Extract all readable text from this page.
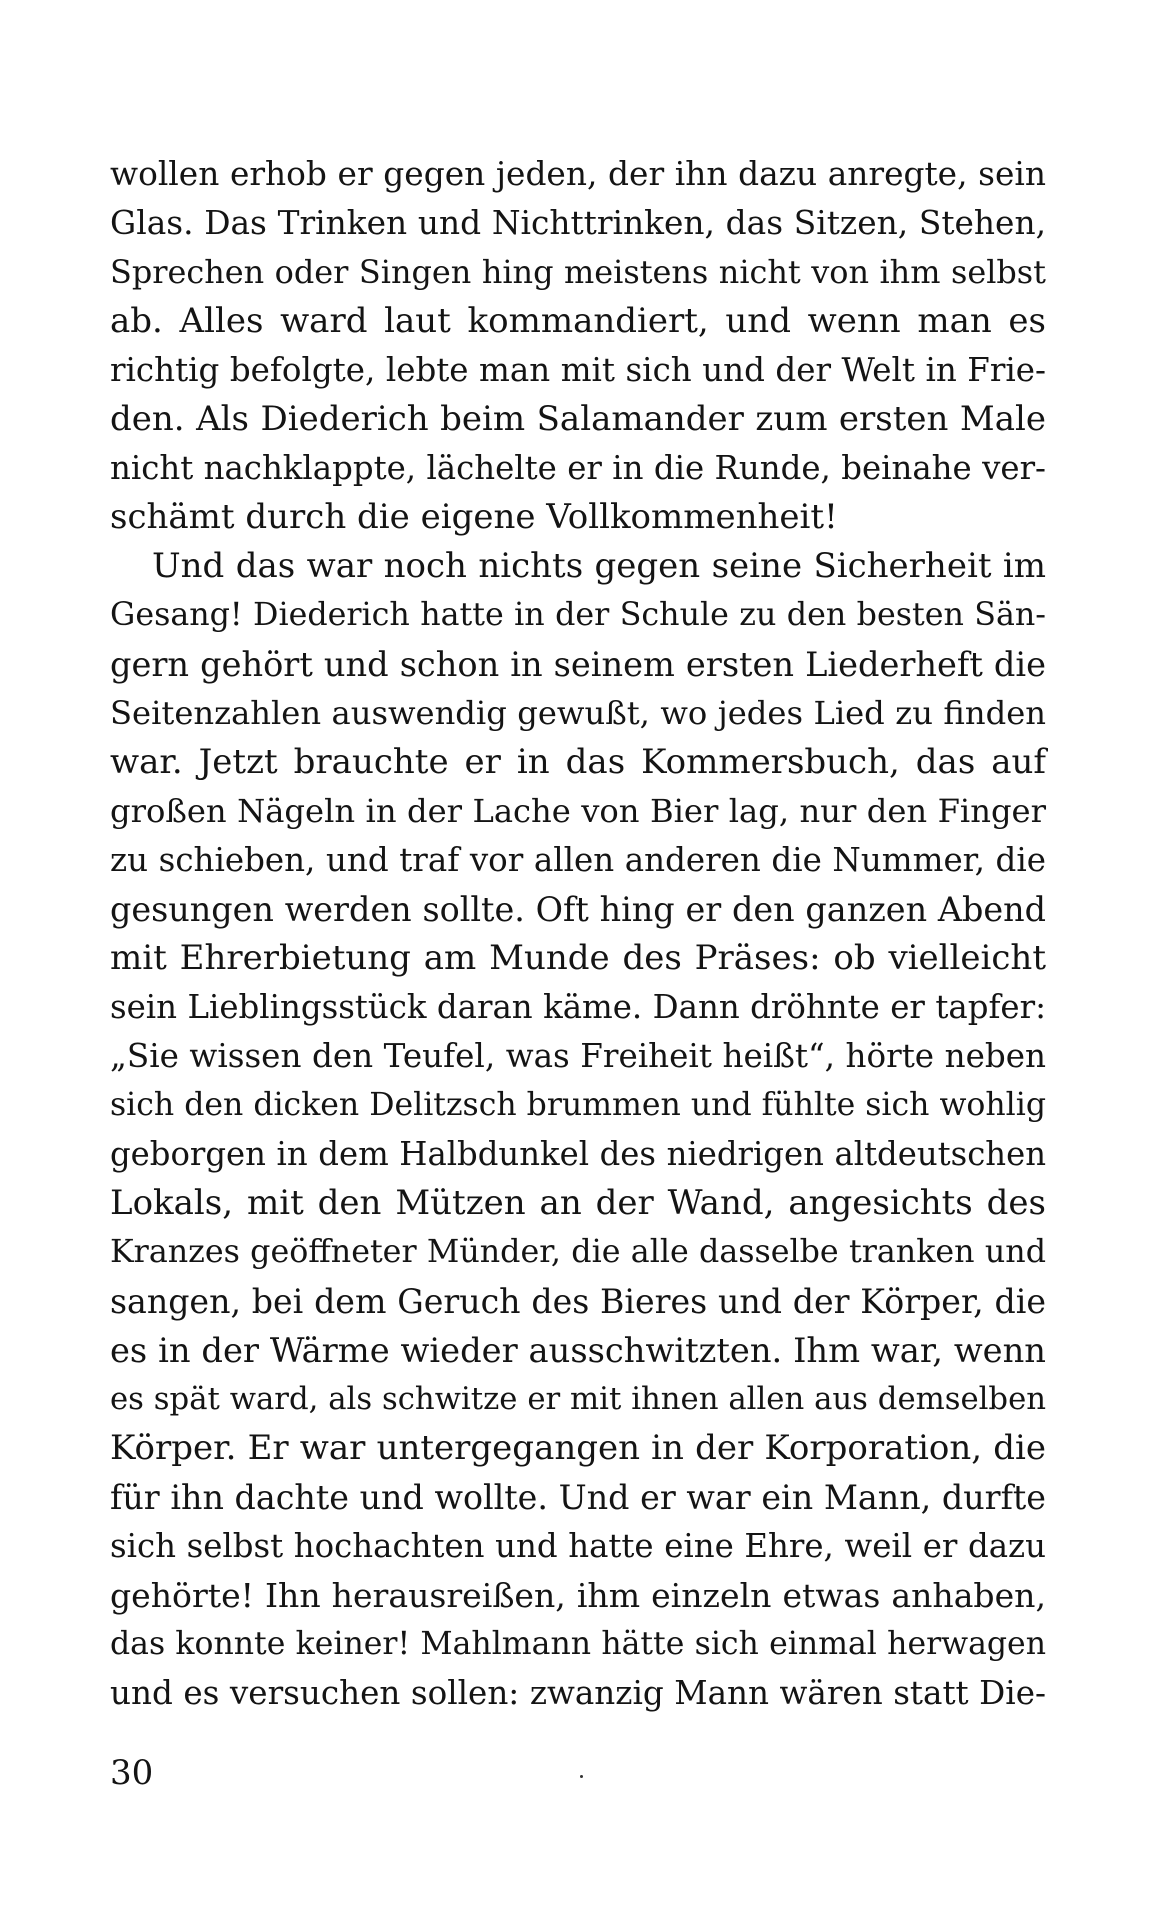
wollen erhob er gegen jeden, der ihn dazu anregte, sein
Glas. Das Trinken und Nichttrinken, das Sitzen, Stehen,
Sprechen oder Singen hing meistens nicht von ihm selbst
ab. Alles ward laut kommandiert, und wenn man es
richtig befolgte, lebte man mit sich und der Welt in Frie-
den. Als Diederich beim Salamander zum ersten Male
nicht nachklappte, lächelte er in die Runde, beinahe ver-
schämt durch die eigene Vollkommenheit!
Und das war noch nichts gegen seine Sicherheit im
Gesang! Diederich hatte in der Schule zu den besten Sän-
gern gehört und schon in seinem ersten Liederheft die
Seitenzahlen auswendig gewußt, wo jedes Lied zu finden
war. Jetzt brauchte er in das Kommersbuch, das auf
großen Nägeln in der Lache von Bier lag, nur den Finger
zu schieben, und traf vor allen anderen die Nummer, die
gesungen werden sollte. Oft hing er den ganzen Abend
mit Ehrerbietung am Munde des Präses: ob vielleicht
sein Lieblingsstück daran käme. Dann dröhnte er tapfer:
„Sie wissen den Teufel, was Freiheit heißt“, hörte neben
sich den dicken Delitzsch brummen und fühlte sich wohlig
geborgen in dem Halbdunkel des niedrigen altdeutschen
Lokals, mit den Mützen an der Wand, angesichts des
Kranzes geöffneter Münder, die alle dasselbe tranken und
sangen, bei dem Geruch des Bieres und der Körper, die
es in der Wärme wieder ausschwitzten. Ihm war, wenn
es spät ward, als schwitze er mit ihnen allen aus demselben
Körper. Er war untergegangen in der Korporation, die
für ihn dachte und wollte. Und er war ein Mann, durfte
sich selbst hochachten und hatte eine Ehre, weil er dazu
gehörte! Ihn herausreißen, ihm einzeln etwas anhaben,
das konnte keiner! Mahlmann hätte sich einmal herwagen
und es versuchen sollen: zwanzig Mann wären statt Die-
30
